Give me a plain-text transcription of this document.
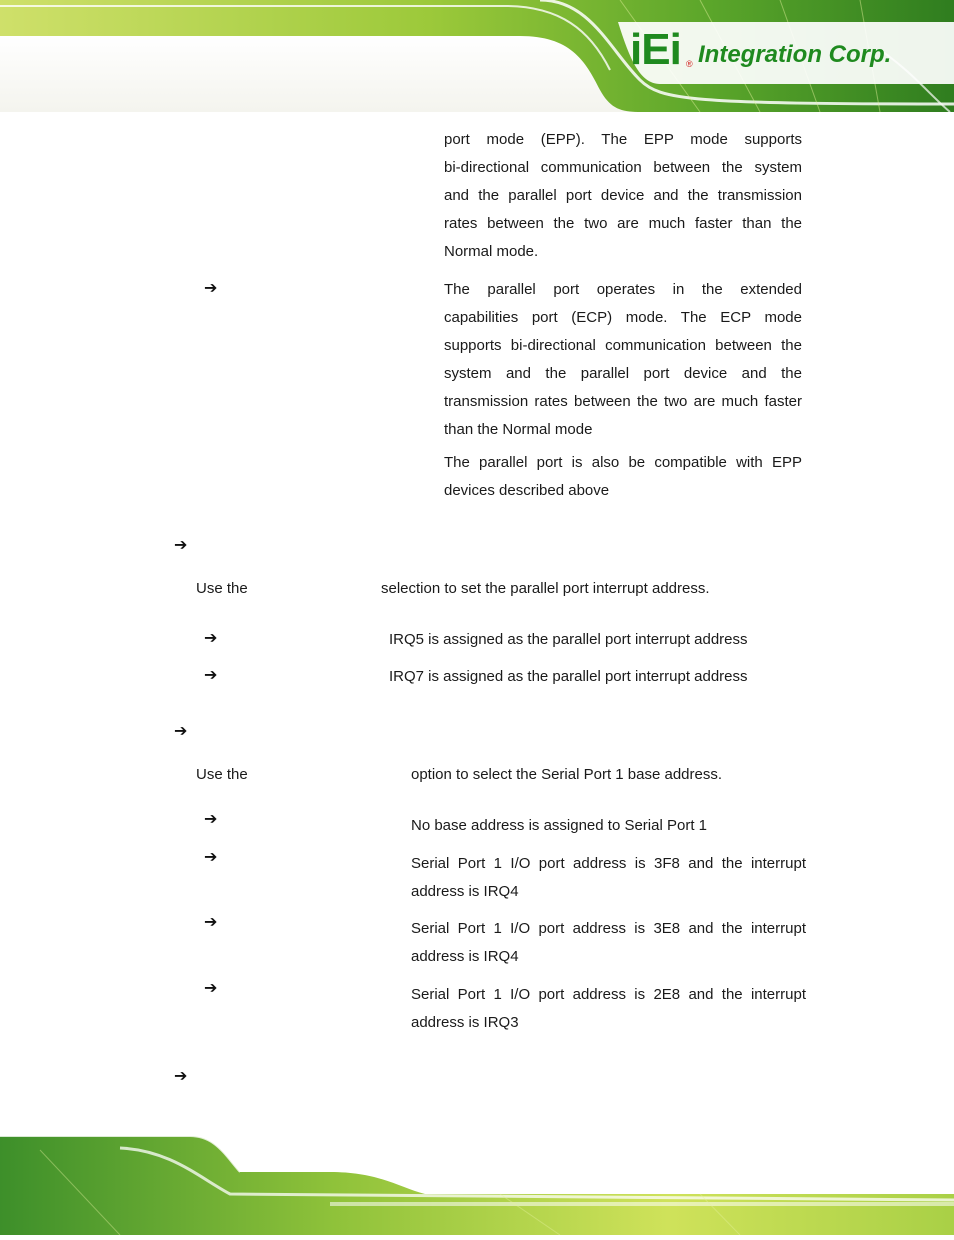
iEi ® Integration Corp.

port mode (EPP). The EPP mode supports

bi-directional communication between the system

and the parallel port device and the transmission

rates between the two are much faster than the

Normal mode.

➔	The parallel port operates in the extended

capabilities port (ECP) mode. The ECP mode

supports bi-directional communication between the

system and the parallel port device and the

transmission rates between the two are much faster

than the Normal mode

The parallel port is also be compatible with EPP

devices described above

➔

Use the	selection to set the parallel port interrupt address.

➔	IRQ5 is assigned as the parallel port interrupt address

➔	IRQ7 is assigned as the parallel port interrupt address

➔

Use the	option to select the Serial Port 1 base address.

➔	No base address is assigned to Serial Port 1

➔	Serial Port 1 I/O port address is 3F8 and the interrupt

address is IRQ4

➔	Serial Port 1 I/O port address is 3E8 and the interrupt

address is IRQ4

➔	Serial Port 1 I/O port address is 2E8 and the interrupt

address is IRQ3

➔
